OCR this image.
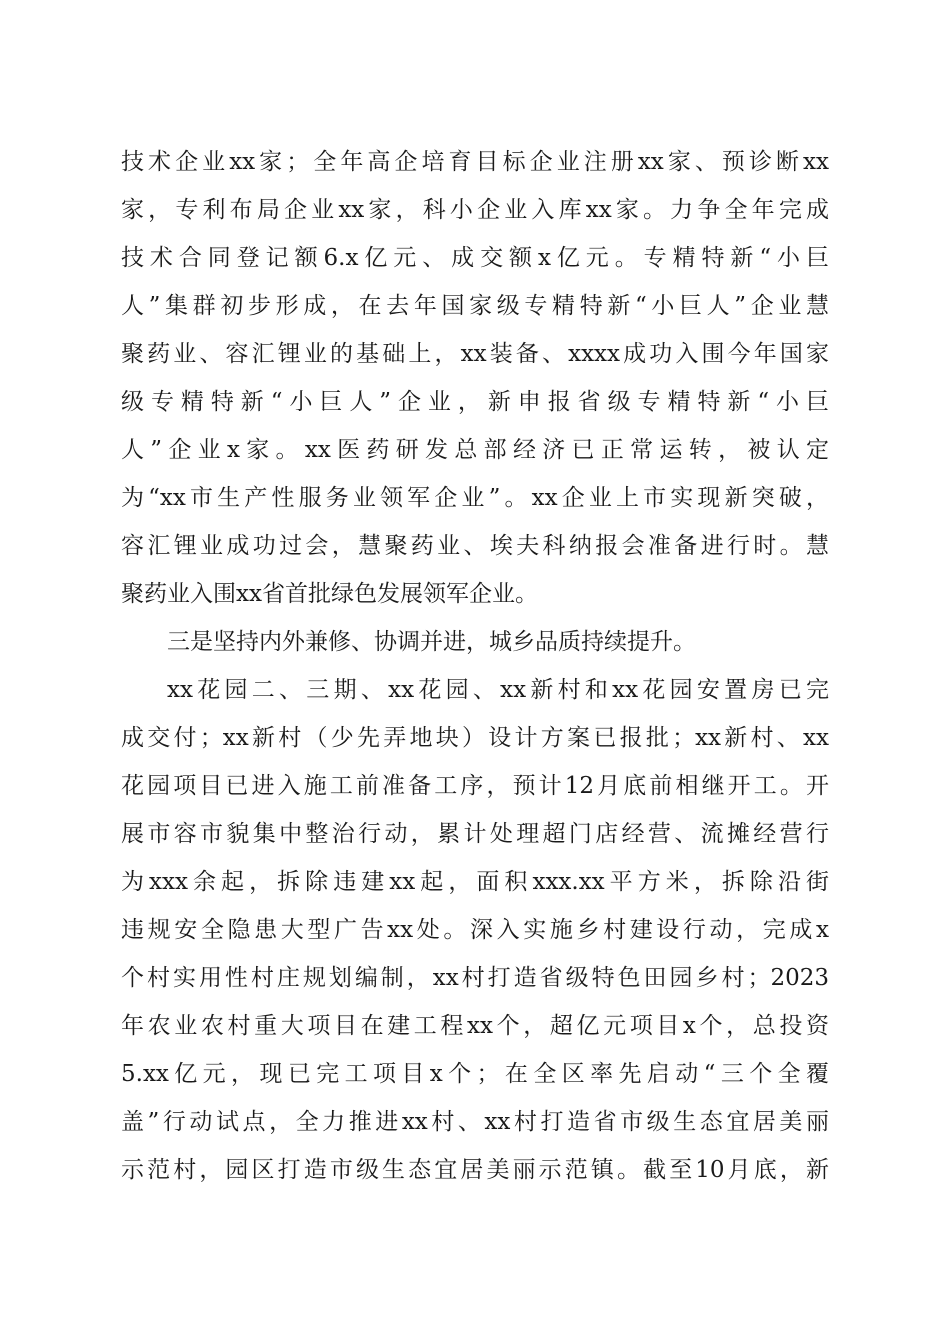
技术企业xx家；全年高企培育目标企业注册xx家、预诊断xx
家，专利布局企业xx家，科小企业入库xx家。力争全年完成
技术合同登记额6.x亿元、成交额x亿元。专精特新“小巨
人”集群初步形成，在去年国家级专精特新“小巨人”企业慧
聚药业、容汇锂业的基础上，xx装备、xxxx成功入围今年国家
级专精特新“小巨人”企业，新申报省级专精特新“小巨
人”企业x家。xx医药研发总部经济已正常运转，被认定
为“xx市生产性服务业领军企业”。xx企业上市实现新突破，
容汇锂业成功过会，慧聚药业、埃夫科纳报会准备进行时。慧
聚药业入围xx省首批绿色发展领军企业。
三是坚持内外兼修、协调并进，城乡品质持续提升。
xx花园二、三期、xx花园、xx新村和xx花园安置房已完
成交付；xx新村（少先弄地块）设计方案已报批；xx新村、xx
花园项目已进入施工前准备工序，预计12月底前相继开工。开
展市容市貌集中整治行动，累计处理超门店经营、流摊经营行
为xxx余起，拆除违建xx起，面积xxx.xx平方米，拆除沿街
违规安全隐患大型广告xx处。深入实施乡村建设行动，完成x
个村实用性村庄规划编制，xx村打造省级特色田园乡村；2023
年农业农村重大项目在建工程xx个，超亿元项目x个，总投资
5.xx亿元，现已完工项目x个；在全区率先启动“三个全覆
盖”行动试点，全力推进xx村、xx村打造省市级生态宜居美丽
示范村，园区打造市级生态宜居美丽示范镇。截至10月底，新
